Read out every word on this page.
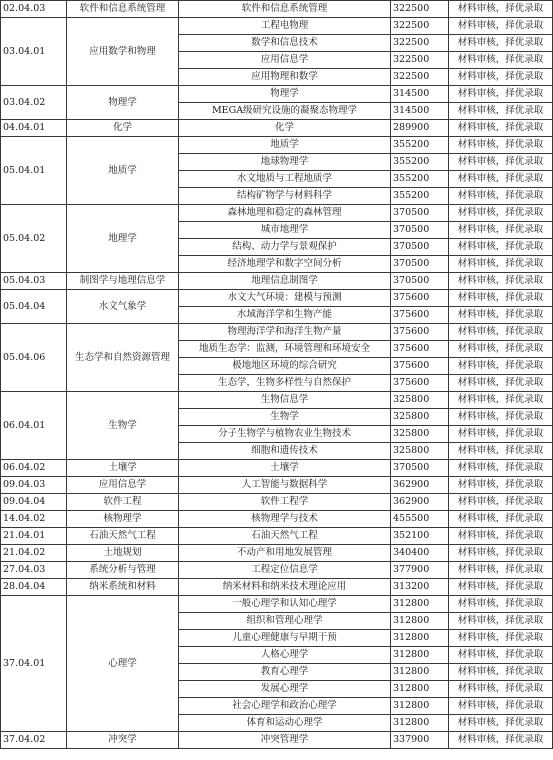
02.04.03	软件和信息系统管理	软件和信息系统管理	322500	材料审核，择优录取
03.04.01	应用数学和物理	工程电物理	322500	材料审核，择优录取
		数学和信息技术	322500	材料审核，择优录取
		应用信息学	322500	材料审核，择优录取
		应用物理和数学	322500	材料审核，择优录取
03.04.02	物理学	物理学	314500	材料审核，择优录取
		MEGA级研究设施的凝聚态物理学	314500	材料审核，择优录取
04.04.01	化学	化学	289900	材料审核，择优录取
05.04.01	地质学	地质学	355200	材料审核，择优录取
		地球物理学	355200	材料审核，择优录取
		水文地质与工程地质学	355200	材料审核，择优录取
		结构矿物学与材料科学	355200	材料审核，择优录取
05.04.02	地理学	森林地理和稳定的森林管理	370500	材料审核，择优录取
		城市地理学	370500	材料审核，择优录取
		结构、动力学与景观保护	370500	材料审核，择优录取
		经济地理学和数字空间分析	370500	材料审核，择优录取
05.04.03	制图学与地理信息学	地理信息制图学	370500	材料审核，择优录取
05.04.04	水文气象学	水文大气环境：建模与预测	375600	材料审核，择优录取
		水域海洋学和生物产能	375600	材料审核，择优录取
05.04.06	生态学和自然资源管理	物理海洋学和海洋生物产量	375600	材料审核，择优录取
		地质生态学：监测，环境管理和环境安全	375600	材料审核，择优录取
		极地地区环境的综合研究	375600	材料审核，择优录取
		生态学，生物多样性与自然保护	375600	材料审核，择优录取
06.04.01	生物学	生物信息学	325800	材料审核，择优录取
		生物学	325800	材料审核，择优录取
		分子生物学与植物农业生物技术	325800	材料审核，择优录取
		细胞和遗传技术	325800	材料审核，择优录取
06.04.02	土壤学	土壤学	370500	材料审核，择优录取
09.04.03	应用信息学	人工智能与数据科学	362900	材料审核，择优录取
09.04.04	软件工程	软件工程学	362900	材料审核，择优录取
14.04.02	核物理学	核物理学与技术	455500	材料审核，择优录取
21.04.01	石油天然气工程	石油天然气工程	352100	材料审核，择优录取
21.04.02	土地规划	不动产和用地发展管理	340400	材料审核，择优录取
27.04.03	系统分析与管理	工程定位信息学	377900	材料审核，择优录取
28.04.04	纳米系统和材料	纳米材料和纳米技术理论应用	313200	材料审核，择优录取
37.04.01	心理学	一般心理学和认知心理学	312800	材料审核，择优录取
		组织和管理心理学	312800	材料审核，择优录取
		儿童心理健康与早期干预	312800	材料审核，择优录取
		人格心理学	312800	材料审核，择优录取
		教育心理学	312800	材料审核，择优录取
		发展心理学	312800	材料审核，择优录取
		社会心理学和政治心理学	312800	材料审核，择优录取
		体育和运动心理学	312800	材料审核，择优录取
37.04.02	冲突学	冲突管理学	337900	材料审核，择优录取
